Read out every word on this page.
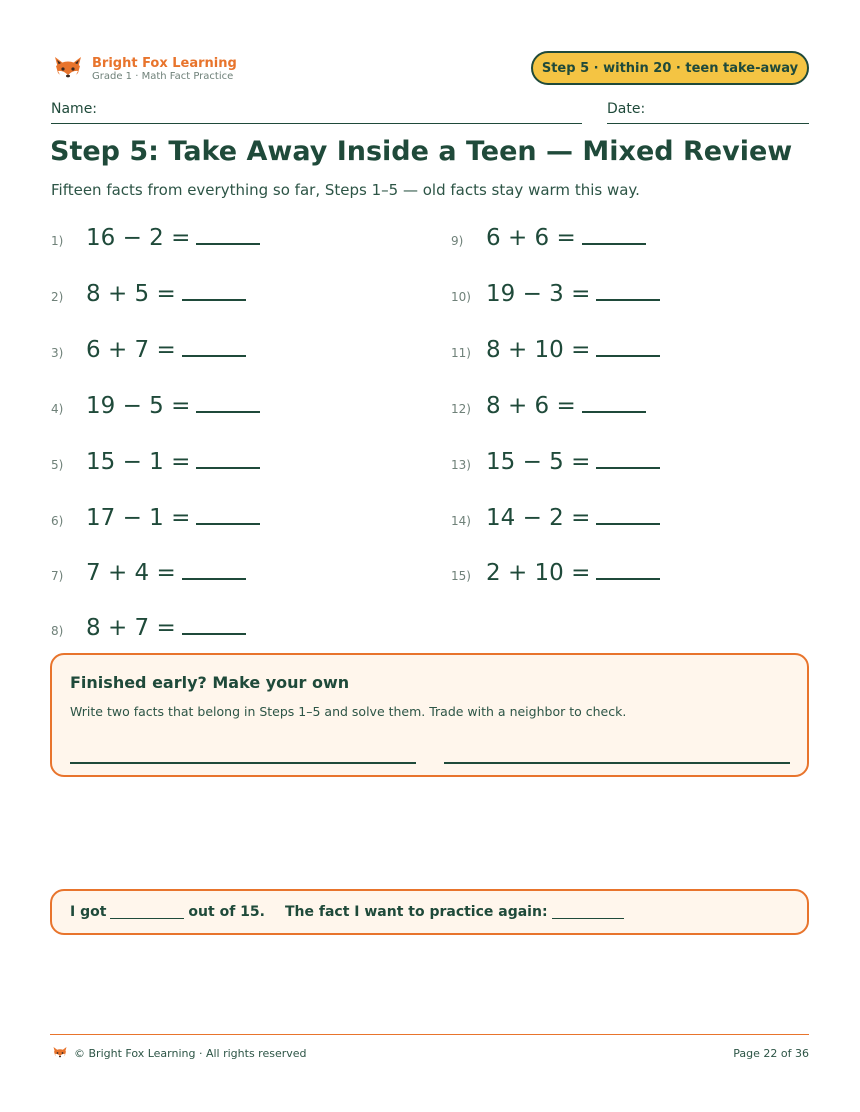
Bright Fox Learning
Grade 1 · Math Fact Practice
Step 5 · within 20 · teen take-away
Name:	Date:
Step 5: Take Away Inside a Teen — Mixed Review
Fifteen facts from everything so far, Steps 1–5 — old facts stay warm this way.
1) 16 − 2 =
2) 8 + 5 =
3) 6 + 7 =
4) 19 − 5 =
5) 15 − 1 =
6) 17 − 1 =
7) 7 + 4 =
8) 8 + 7 =
9) 6 + 6 =
10) 19 − 3 =
11) 8 + 10 =
12) 8 + 6 =
13) 15 − 5 =
14) 14 − 2 =
15) 2 + 10 =
Finished early? Make your own
Write two facts that belong in Steps 1–5 and solve them. Trade with a neighbor to check.
I got	out of 15. The fact I want to practice again:
© Bright Fox Learning · All rights reserved	Page 22 of 36
